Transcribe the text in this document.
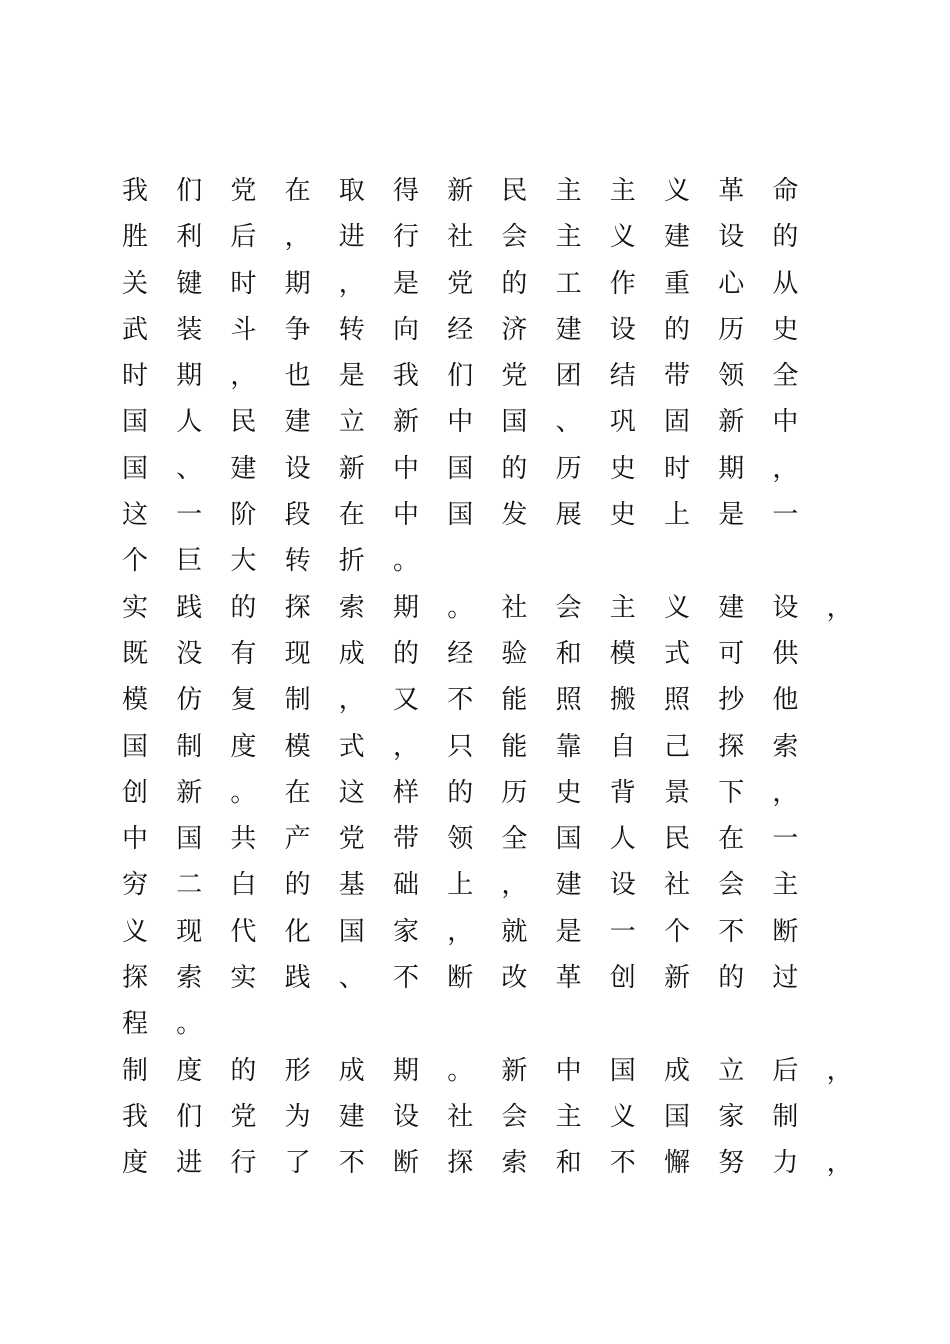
我们党在取得新民主主义革命
胜利后，进行社会主义建设的
关键时期，是党的工作重心从
武装斗争转向经济建设的历史
时期，也是我们党团结带领全
国人民建立新中国、巩固新中
国、建设新中国的历史时期，
这一阶段在中国发展史上是一
个巨大转折。
实践的探索期。社会主义建设，
既没有现成的经验和模式可供
模仿复制，又不能照搬照抄他
国制度模式，只能靠自己探索
创新。在这样的历史背景下，
中国共产党带领全国人民在一
穷二白的基础上，建设社会主
义现代化国家，就是一个不断
探索实践、不断改革创新的过
程。
制度的形成期。新中国成立后，
我们党为建设社会主义国家制
度进行了不断探索和不懈努力，
